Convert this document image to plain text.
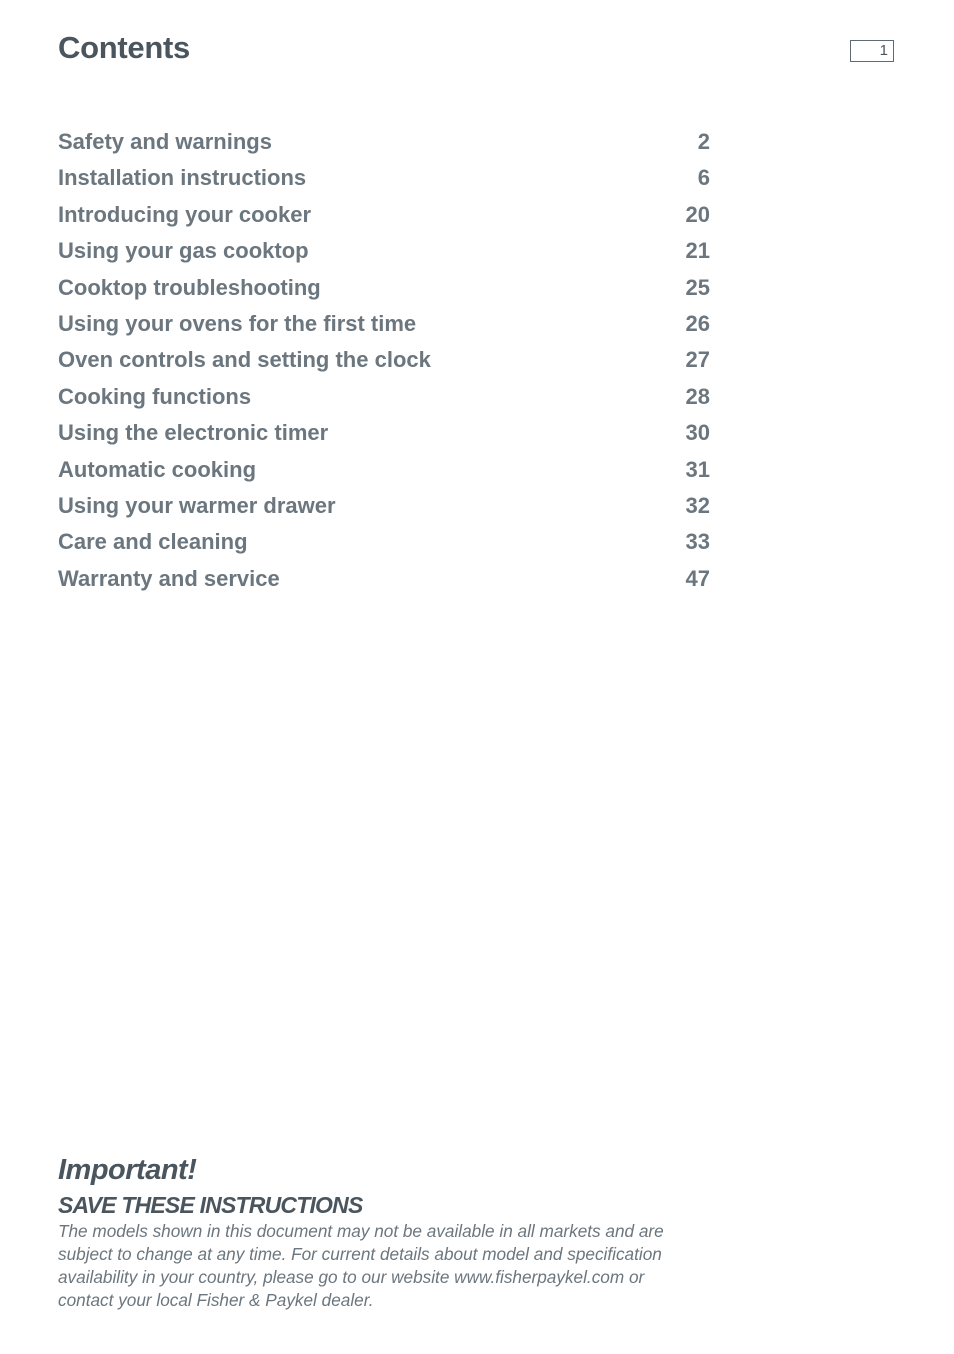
Contents	1
Safety and warnings	2
Installation instructions	6
Introducing your cooker	20
Using your gas cooktop	21
Cooktop troubleshooting	25
Using your ovens for the first time	26
Oven controls and setting the clock	27
Cooking functions	28
Using the electronic timer	30
Automatic cooking	31
Using your warmer drawer	32
Care and cleaning	33
Warranty and service	47
Important!
SAVE THESE INSTRUCTIONS

The models shown in this document may not be available in all markets and are
subject to change at any time. For current details about model and specification
availability in your country, please go to our website www.fisherpaykel.com or
contact your local Fisher & Paykel dealer.
